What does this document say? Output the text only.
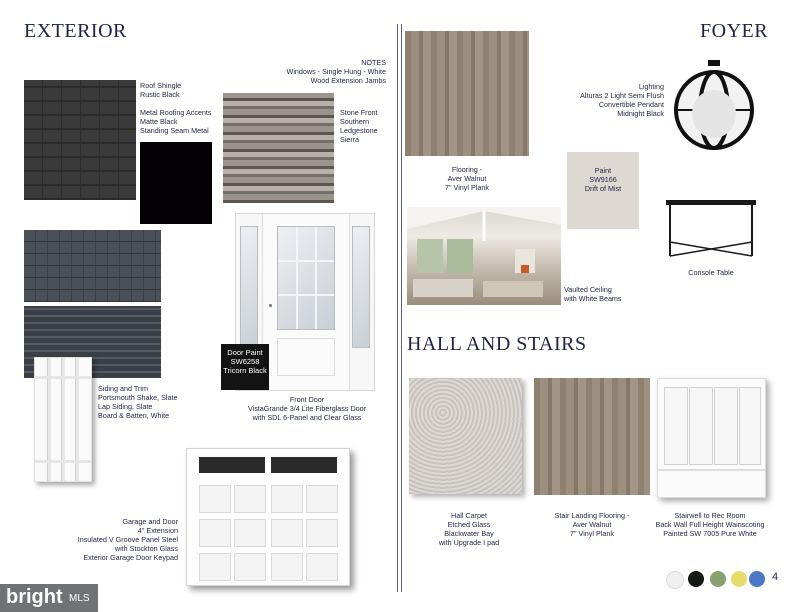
EXTERIOR
NOTES
Windows - Single Hung - White
Wood Extension Jambs
Roof Shingle
Rustic Black
Metal Roofing Accents
Matte Black
Standing Seam Metal
Stone Front
Southern
Ledgestone
Sierra
Siding and Trim
Portsmouth Shake, Slate
Lap Siding, Slate
Board & Batten, White
Door Paint
SW6258
Tricorn Black
Front Door
VistaGrande 3/4 Lite Fiberglass Door
with SDL 6-Panel and Clear Glass
Garage and Door
4" Extension
Insulated V Groove Panel Steel
with Stockton Glass
Exterior Garage Door Keypad
FOYER
Flooring -
Aver Walnut
7" Vinyl Plank
Paint
SW9166
Drift of Mist
Lighting
Alturas 2 Light Semi Flush
Convertible Pendant
Midnight Black
Vaulted Ceiling
with White Beams
Console Table
HALL AND STAIRS
Hall Carpet
Etched Glass
Blackwater Bay
with Upgrade I pad
Stair Landing Flooring -
Aver Walnut
7" Vinyl Plank
Stairwell to Rec Room
Back Wall Full Height Wainscoting
Painted SW 7005 Pure White
4
bright MLS
